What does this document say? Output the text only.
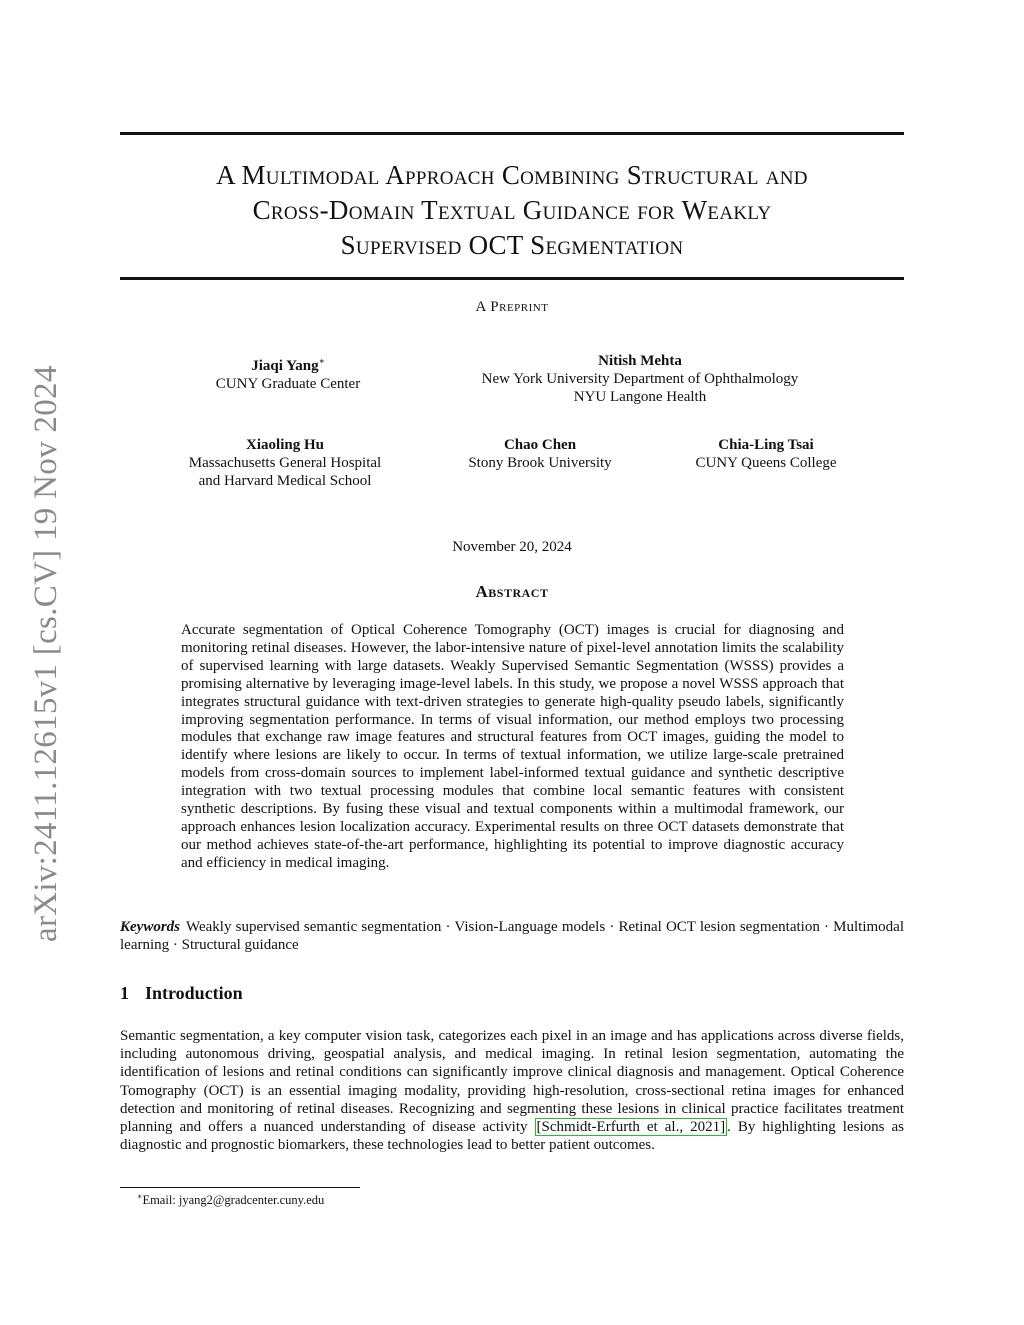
arXiv:2411.12615v1 [cs.CV] 19 Nov 2024
A Multimodal Approach Combining Structural and
Cross-Domain Textual Guidance for Weakly
Supervised OCT Segmentation
A Preprint
Jiaqi Yang∗
CUNY Graduate Center
Nitish Mehta
New York University Department of Ophthalmology
NYU Langone Health
Xiaoling Hu
Massachusetts General Hospital
and Harvard Medical School
Chao Chen
Stony Brook University
Chia-Ling Tsai
CUNY Queens College
November 20, 2024
Abstract
Accurate segmentation of Optical Coherence Tomography (OCT) images is crucial for diagnosing and monitoring retinal diseases. However, the labor-intensive nature of pixel-level annotation limits the scalability of supervised learning with large datasets. Weakly Supervised Semantic Segmentation (WSSS) provides a promising alternative by leveraging image-level labels. In this study, we propose a novel WSSS approach that integrates structural guidance with text-driven strategies to generate high-quality pseudo labels, significantly improving segmentation performance. In terms of visual information, our method employs two processing modules that exchange raw image features and structural features from OCT images, guiding the model to identify where lesions are likely to occur. In terms of textual information, we utilize large-scale pretrained models from cross-domain sources to implement label-informed textual guidance and synthetic descriptive integration with two textual processing modules that combine local semantic features with consistent synthetic descriptions. By fusing these visual and textual components within a multimodal framework, our approach enhances lesion localization accuracy. Experimental results on three OCT datasets demonstrate that our method achieves state-of-the-art performance, highlighting its potential to improve diagnostic accuracy and efficiency in medical imaging.
Keywords Weakly supervised semantic segmentation · Vision-Language models · Retinal OCT lesion segmentation · Multimodal learning · Structural guidance
1 Introduction
Semantic segmentation, a key computer vision task, categorizes each pixel in an image and has applications across diverse fields, including autonomous driving, geospatial analysis, and medical imaging. In retinal lesion segmentation, automating the identification of lesions and retinal conditions can significantly improve clinical diagnosis and management. Optical Coherence Tomography (OCT) is an essential imaging modality, providing high-resolution, cross-sectional retina images for enhanced detection and monitoring of retinal diseases. Recognizing and segmenting these lesions in clinical practice facilitates treatment planning and offers a nuanced understanding of disease activity [Schmidt-Erfurth et al., 2021] . By highlighting lesions as diagnostic and prognostic biomarkers, these technologies lead to better patient outcomes.
∗Email: jyang2@gradcenter.cuny.edu
